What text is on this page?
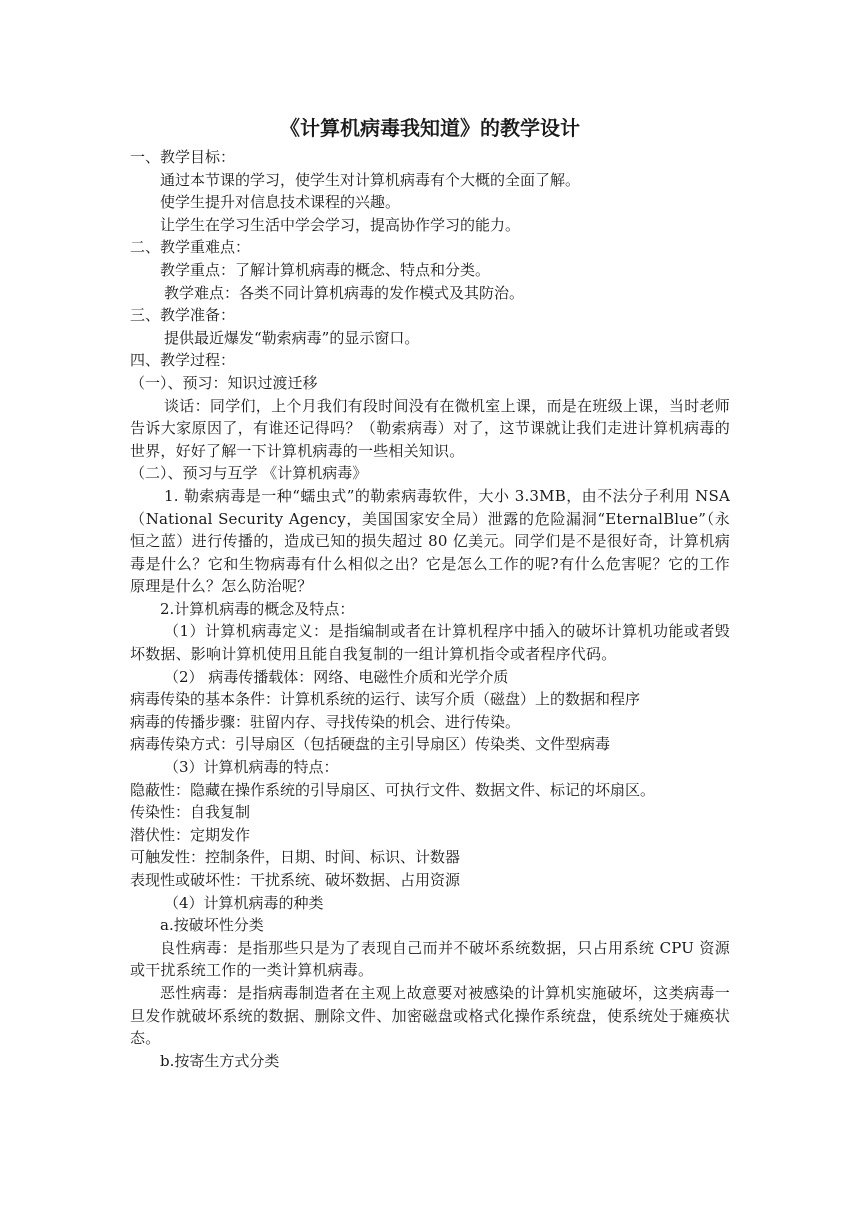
《计算机病毒我知道》的教学设计

一、教学目标：

通过本节课的学习，使学生对计算机病毒有个大概的全面了解。

使学生提升对信息技术课程的兴趣。

让学生在学习生活中学会学习，提高协作学习的能力。

二、教学重难点：

教学重点：了解计算机病毒的概念、特点和分类。

教学难点：各类不同计算机病毒的发作模式及其防治。

三、教学准备：

提供最近爆发“勒索病毒”的显示窗口。

四、教学过程：

（一）、预习：知识过渡迁移

谈话：同学们，上个月我们有段时间没有在微机室上课，而是在班级上课，当时老师告诉大家原因了，有谁还记得吗？（勒索病毒）对了，这节课就让我们走进计算机病毒的世界，好好了解一下计算机病毒的一些相关知识。

（二）、预习与互学 《计算机病毒》

1. 勒索病毒是一种“蠕虫式”的勒索病毒软件，大小 3.3MB，由不法分子利用 NSA（National Security Agency，美国国家安全局）泄露的危险漏洞“EternalBlue”（永恒之蓝）进行传播的，造成已知的损失超过 80 亿美元。同学们是不是很好奇，计算机病毒是什么？它和生物病毒有什么相似之出？它是怎么工作的呢?有什么危害呢？它的工作原理是什么？怎么防治呢？

2.计算机病毒的概念及特点：

（1）计算机病毒定义：是指编制或者在计算机程序中插入的破坏计算机功能或者毁坏数据、影响计算机使用且能自我复制的一组计算机指令或者程序代码。

（2） 病毒传播载体：网络、电磁性介质和光学介质

病毒传染的基本条件：计算机系统的运行、读写介质（磁盘）上的数据和程序

病毒的传播步骤：驻留内存、寻找传染的机会、进行传染。

病毒传染方式：引导扇区（包括硬盘的主引导扇区）传染类、文件型病毒

（3）计算机病毒的特点：

隐蔽性：隐藏在操作系统的引导扇区、可执行文件、数据文件、标记的坏扇区。

传染性：自我复制

潜伏性：定期发作

可触发性：控制条件，日期、时间、标识、计数器

表现性或破坏性：干扰系统、破坏数据、占用资源

（4）计算机病毒的种类

a.按破坏性分类

良性病毒：是指那些只是为了表现自己而并不破坏系统数据，只占用系统 CPU 资源或干扰系统工作的一类计算机病毒。

恶性病毒：是指病毒制造者在主观上故意要对被感染的计算机实施破坏，这类病毒一旦发作就破坏系统的数据、删除文件、加密磁盘或格式化操作系统盘，使系统处于瘫痪状态。

b.按寄生方式分类
